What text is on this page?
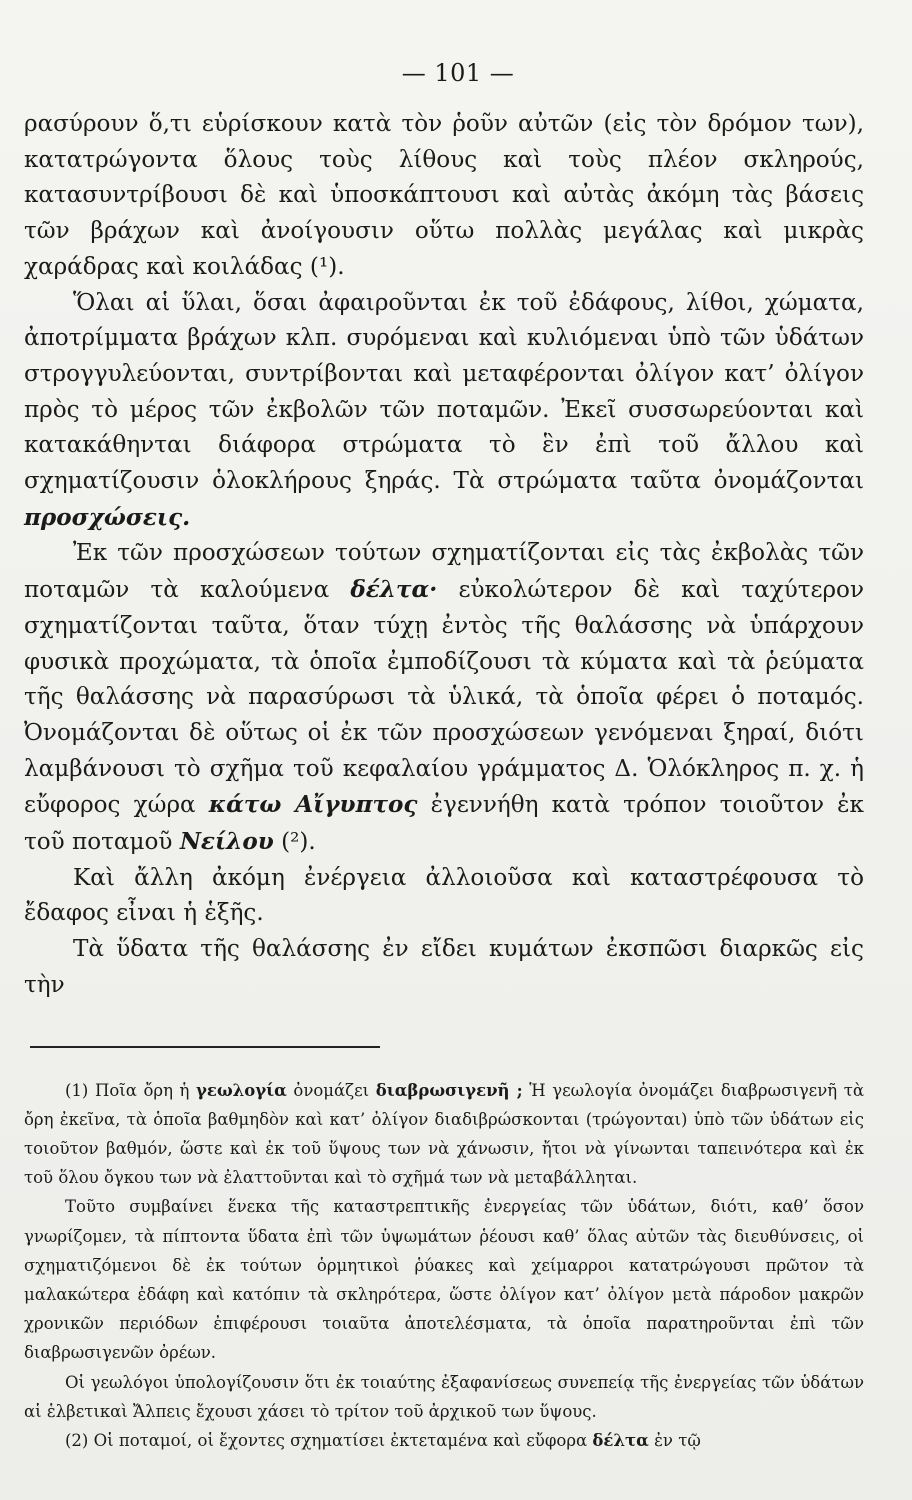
— 101 —

ρασύρουν ὅ,τι εὑρίσκουν κατὰ τὸν ῥοῦν αὐτῶν (εἰς τὸν δρόμον των), κατατρώγοντα ὅλους τοὺς λίθους καὶ τοὺς πλέον σκληρούς, κατασυντρίβουσι δὲ καὶ ὑποσκάπτουσι καὶ αὐτὰς ἀκόμη τὰς βάσεις τῶν βράχων καὶ ἀνοίγουσιν οὕτω πολλὰς μεγάλας καὶ μικρὰς χαράδρας καὶ κοιλάδας (¹).

Ὅλαι αἱ ὕλαι, ὅσαι ἀφαιροῦνται ἐκ τοῦ ἐδάφους, λίθοι, χώματα, ἀποτρίμματα βράχων κλπ. συρόμεναι καὶ κυλιόμεναι ὑπὸ τῶν ὑδάτων στρογγυλεύονται, συντρίβονται καὶ μεταφέρονται ὀλίγον κατ’ ὀλίγον πρὸς τὸ μέρος τῶν ἐκβολῶν τῶν ποταμῶν. Ἐκεῖ συσσωρεύονται καὶ κατακάθηνται διάφορα στρώματα τὸ ἓν ἐπὶ τοῦ ἄλλου καὶ σχηματίζουσιν ὁλοκλήρους ξηράς. Τὰ στρώματα ταῦτα ὀνομάζονται προσχώσεις.

Ἐκ τῶν προσχώσεων τούτων σχηματίζονται εἰς τὰς ἐκβολὰς τῶν ποταμῶν τὰ καλούμενα δέλτα· εὐκολώτερον δὲ καὶ ταχύτερον σχηματίζονται ταῦτα, ὅταν τύχῃ ἐντὸς τῆς θαλάσσης νὰ ὑπάρχουν φυσικὰ προχώματα, τὰ ὁποῖα ἐμποδίζουσι τὰ κύματα καὶ τὰ ῥεύματα τῆς θαλάσσης νὰ παρασύρωσι τὰ ὑλικά, τὰ ὁποῖα φέρει ὁ ποταμός. Ὀνομάζονται δὲ οὕτως οἱ ἐκ τῶν προσχώσεων γενόμεναι ξηραί, διότι λαμβάνουσι τὸ σχῆμα τοῦ κεφαλαίου γράμματος Δ. Ὁλόκληρος π. χ. ἡ εὔφορος χώρα κάτω Αἴγυπτος ἐγεννήθη κατὰ τρόπον τοιοῦτον ἐκ τοῦ ποταμοῦ Νείλου (²).

Καὶ ἄλλη ἀκόμη ἐνέργεια ἀλλοιοῦσα καὶ καταστρέφουσα τὸ ἔδαφος εἶναι ἡ ἑξῆς.

Τὰ ὕδατα τῆς θαλάσσης ἐν εἴδει κυμάτων ἐκσπῶσι διαρκῶς εἰς τὴν

(1) Ποῖα ὄρη ἡ γεωλογία ὀνομάζει διαβρωσιγενῆ ; Ἡ γεωλογία ὀνομάζει διαβρωσιγενῆ τὰ ὄρη ἐκεῖνα, τὰ ὁποῖα βαθμηδὸν καὶ κατ’ ὀλίγον διαδιβρώσκονται (τρώγονται) ὑπὸ τῶν ὑδάτων εἰς τοιοῦτον βαθμόν, ὥστε καὶ ἐκ τοῦ ὕψους των νὰ χάνωσιν, ἤτοι νὰ γίνωνται ταπεινότερα καὶ ἐκ τοῦ ὅλου ὄγκου των νὰ ἐλαττοῦνται καὶ τὸ σχῆμά των νὰ μεταβάλληται.

Τοῦτο συμβαίνει ἕνεκα τῆς καταστρεπτικῆς ἐνεργείας τῶν ὑδάτων, διότι, καθ’ ὅσον γνωρίζομεν, τὰ πίπτοντα ὕδατα ἐπὶ τῶν ὑψωμάτων ῥέουσι καθ’ ὅλας αὐτῶν τὰς διευθύνσεις, οἱ σχηματιζόμενοι δὲ ἐκ τούτων ὁρμητικοὶ ῥύακες καὶ χείμαρροι κατατρώγουσι πρῶτον τὰ μαλακώτερα ἐδάφη καὶ κατόπιν τὰ σκληρότερα, ὥστε ὀλίγον κατ’ ὀλίγον μετὰ πάροδον μακρῶν χρονικῶν περιόδων ἐπιφέρουσι τοιαῦτα ἀποτελέσματα, τὰ ὁποῖα παρατηροῦνται ἐπὶ τῶν διαβρωσιγενῶν ὀρέων.

Οἱ γεωλόγοι ὑπολογίζουσιν ὅτι ἐκ τοιαύτης ἐξαφανίσεως συνεπείᾳ τῆς ἐνεργείας τῶν ὑδάτων αἱ ἑλβετικαὶ Ἄλπεις ἔχουσι χάσει τὸ τρίτον τοῦ ἀρχικοῦ των ὕψους.

(2) Οἱ ποταμοί, οἱ ἔχοντες σχηματίσει ἐκτεταμένα καὶ εὔφορα δέλτα ἐν τῷ
